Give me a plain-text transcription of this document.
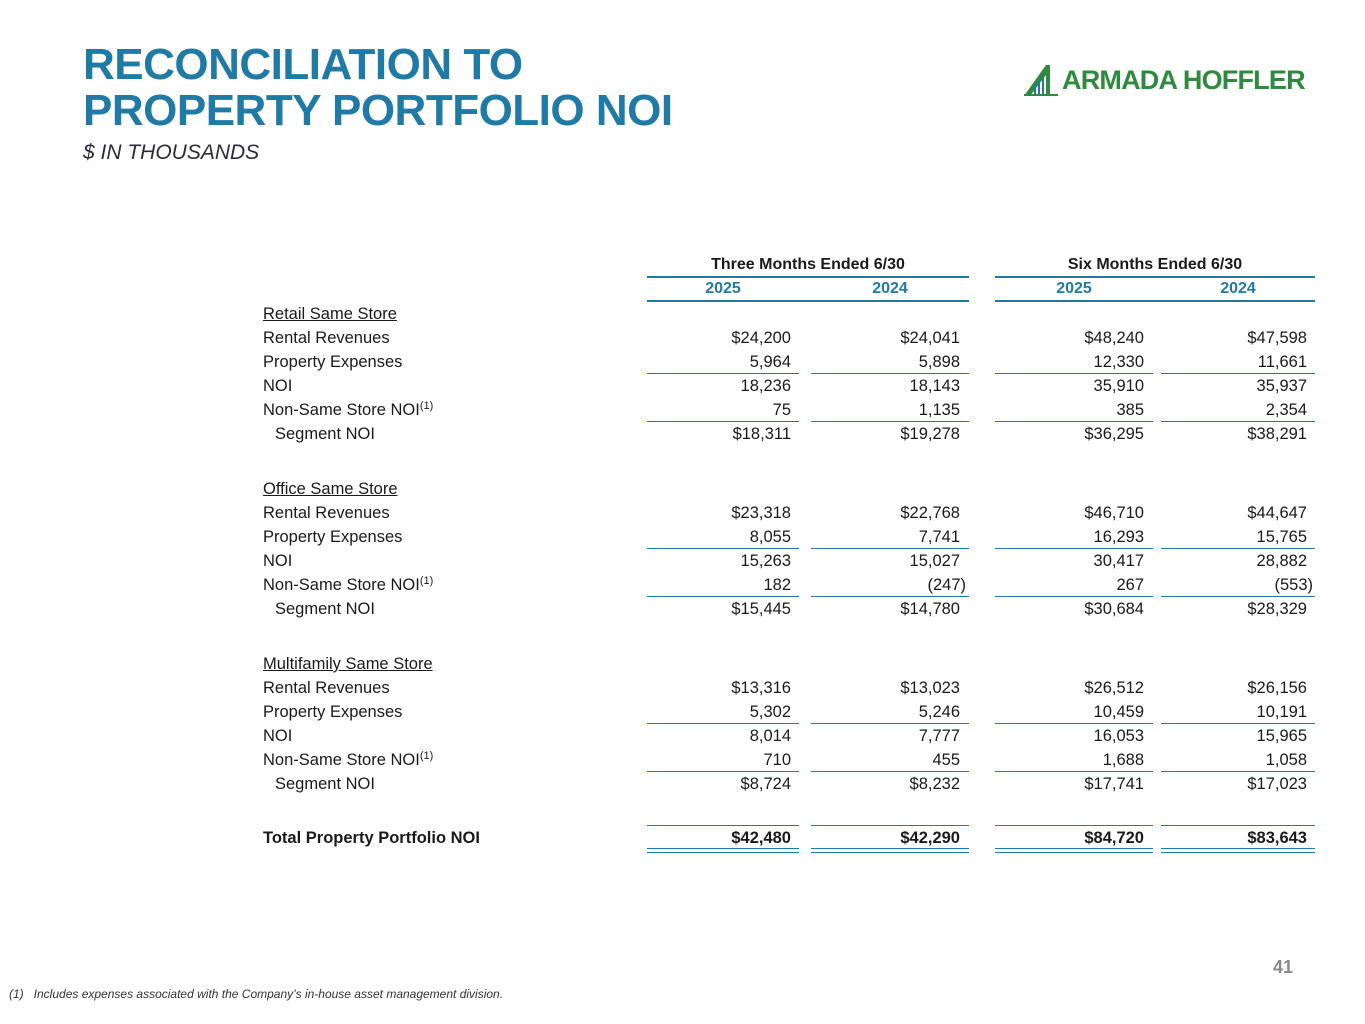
RECONCILIATION TO
PROPERTY PORTFOLIO NOI
$ IN THOUSANDS
ARMADA HOFFLER
Three Months Ended 6/30	Six Months Ended 6/30
2025	2024	2025	2024
Retail Same Store
Rental Revenues	$24,200	$24,041	$48,240	$47,598
Property Expenses	5,964	5,898	12,330	11,661
NOI	18,236	18,143	35,910	35,937
Non-Same Store NOI$^{(1)}$	75	1,135	385	2,354
Segment NOI	$18,311	$19,278	$36,295	$38,291
Office Same Store
Rental Revenues	$23,318	$22,768	$46,710	$44,647
Property Expenses	8,055	7,741	16,293	15,765
NOI	15,263	15,027	30,417	28,882
Non-Same Store NOI$^{(1)}$	182	(247)	267	(553)
Segment NOI	$15,445	$14,780	$30,684	$28,329
Multifamily Same Store
Rental Revenues	$13,316	$13,023	$26,512	$26,156
Property Expenses	5,302	5,246	10,459	10,191
NOI	8,014	7,777	16,053	15,965
Non-Same Store NOI$^{(1)}$	710	455	1,688	1,058
Segment NOI	$8,724	$8,232	$17,741	$17,023
Total Property Portfolio NOI	$42,480	$42,290	$84,720	$83,643
41
(1) Includes expenses associated with the Company’s in-house asset management division.
